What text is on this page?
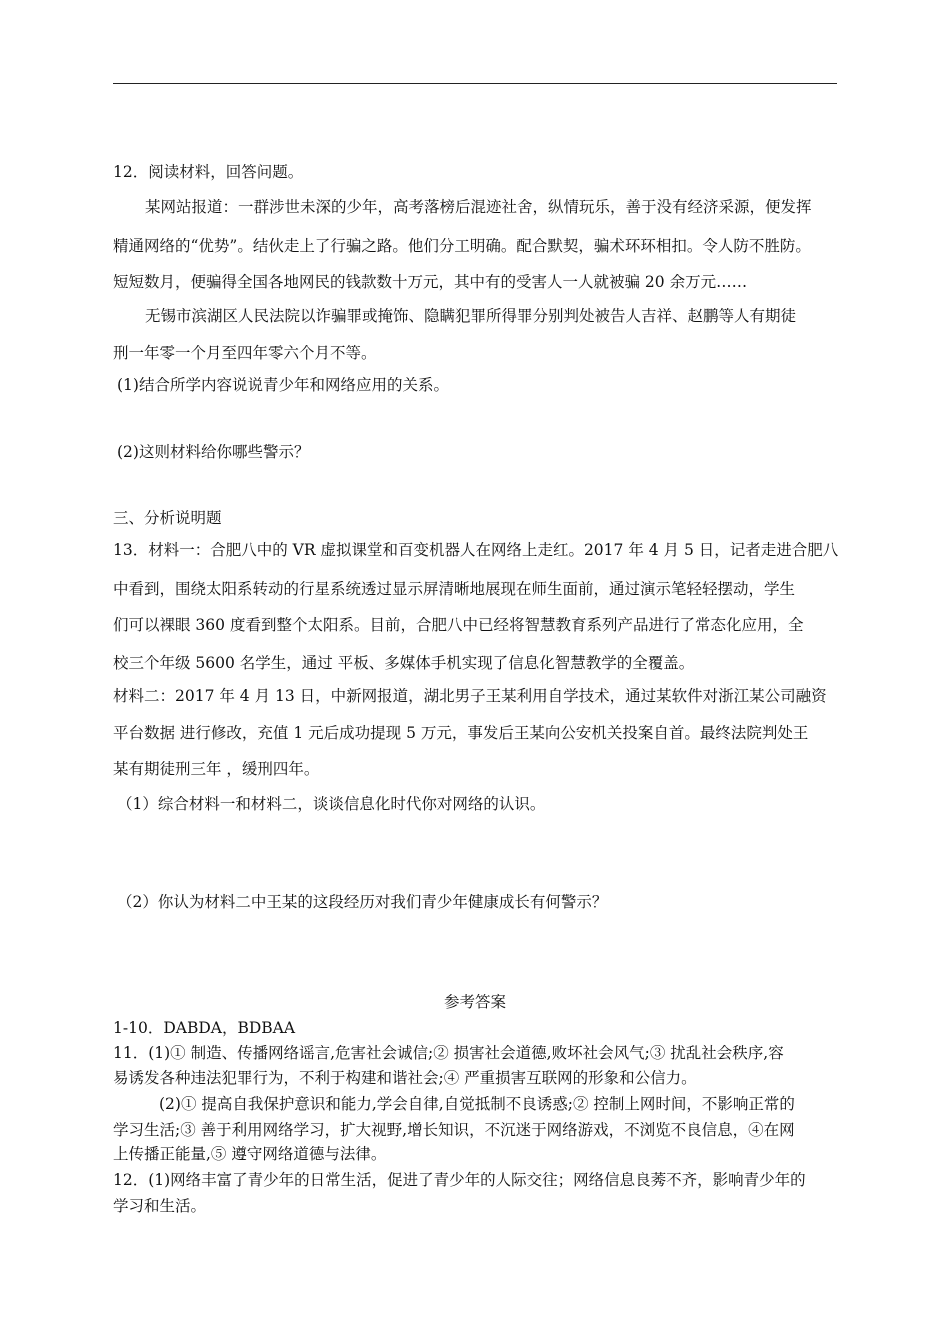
12．阅读材料，回答问题。
某网站报道：一群涉世未深的少年，高考落榜后混迹社舍，纵情玩乐，善于没有经济采源，便发挥
精通网络的“优势”。结伙走上了行骗之路。他们分工明确。配合默契，骗术环环相扣。令人防不胜防。
短短数月，便骗得全国各地网民的钱款数十万元，其中有的受害人一人就被骗 20 余万元……
无锡市滨湖区人民法院以诈骗罪或掩饰、隐瞒犯罪所得罪分别判处被告人吉祥、赵鹏等人有期徒
刑一年零一个月至四年零六个月不等。
(1)结合所学内容说说青少年和网络应用的关系。
(2)这则材料给你哪些警示？
三、分析说明题
13．材料一：合肥八中的 VR 虚拟课堂和百变机器人在网络上走红。2017 年 4 月 5 日，记者走进合肥八
中看到，围绕太阳系转动的行星系统透过显示屏清晰地展现在师生面前，通过演示笔轻轻摆动，学生
们可以裸眼 360 度看到整个太阳系。目前，合肥八中已经将智慧教育系列产品进行了常态化应用，全
校三个年级 5600 名学生，通过 平板、多媒体手机实现了信息化智慧教学的全覆盖。
材料二：2017 年 4 月 13 日，中新网报道，湖北男子王某利用自学技术，通过某软件对浙江某公司融资
平台数据 进行修改，充值 1 元后成功提现 5 万元，事发后王某向公安机关投案自首。最终法院判处王
某有期徒刑三年 ，缓刑四年。
（1）综合材料一和材料二，谈谈信息化时代你对网络的认识。
（2）你认为材料二中王某的这段经历对我们青少年健康成长有何警示？
参考答案
1-10．DABDA，BDBAA
11．(1)① 制造、传播网络谣言,危害社会诚信;② 损害社会道德,败坏社会风气;③ 扰乱社会秩序,容
易诱发各种违法犯罪行为，不利于构建和谐社会;④ 严重损害互联网的形象和公信力。
(2)① 提高自我保护意识和能力,学会自律,自觉抵制不良诱惑;② 控制上网时间，不影响正常的
学习生活;③ 善于利用网络学习，扩大视野,增长知识，不沉迷于网络游戏，不浏览不良信息，④在网
上传播正能量,⑤ 遵守网络道德与法律。
12．(1)网络丰富了青少年的日常生活，促进了青少年的人际交往；网络信息良莠不齐，影响青少年的
学习和生活。
